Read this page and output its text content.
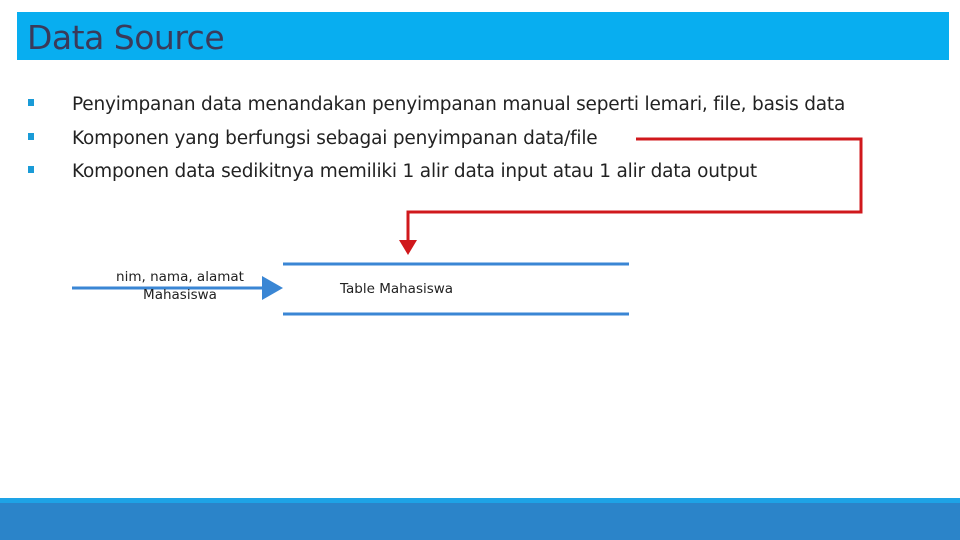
Data Source
Penyimpanan data menandakan penyimpanan manual seperti lemari, file, basis data
Komponen yang berfungsi sebagai penyimpanan data/file
Komponen data sedikitnya memiliki 1 alir data input atau 1 alir data output
nim, nama, alamat
Mahasiswa	Table Mahasiswa
